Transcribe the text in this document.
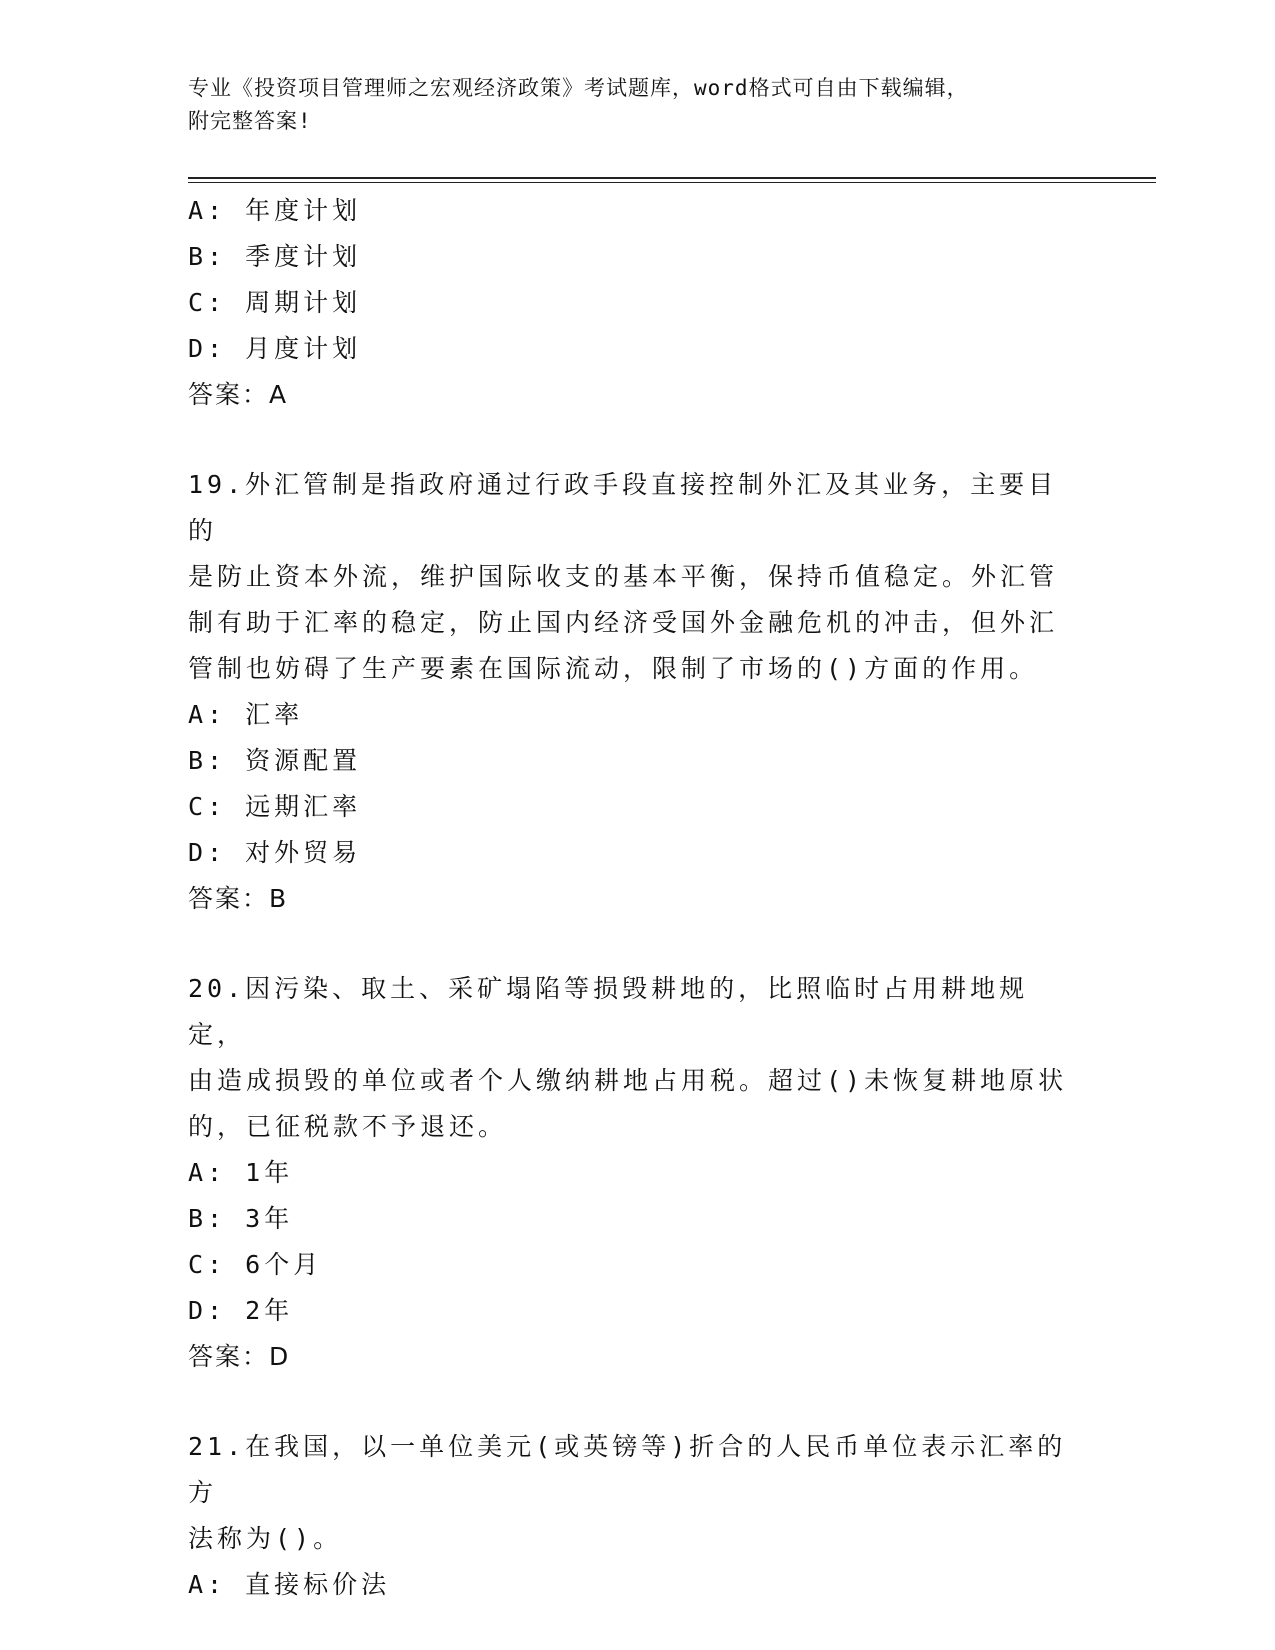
专业《投资项目管理师之宏观经济政策》考试题库，word格式可自由下载编辑，
附完整答案!
A: 年度计划
B: 季度计划
C: 周期计划
D: 月度计划
答案：A
19.外汇管制是指政府通过行政手段直接控制外汇及其业务，主要目的
是防止资本外流，维护国际收支的基本平衡，保持币值稳定。外汇管
制有助于汇率的稳定，防止国内经济受国外金融危机的冲击，但外汇
管制也妨碍了生产要素在国际流动，限制了市场的()方面的作用。
A: 汇率
B: 资源配置
C: 远期汇率
D: 对外贸易
答案：B
20.因污染、取土、采矿塌陷等损毁耕地的，比照临时占用耕地规定，
由造成损毁的单位或者个人缴纳耕地占用税。超过()未恢复耕地原状
的，已征税款不予退还。
A: 1年
B: 3年
C: 6个月
D: 2年
答案：D
21.在我国，以一单位美元(或英镑等)折合的人民币单位表示汇率的方
法称为()。
A: 直接标价法
